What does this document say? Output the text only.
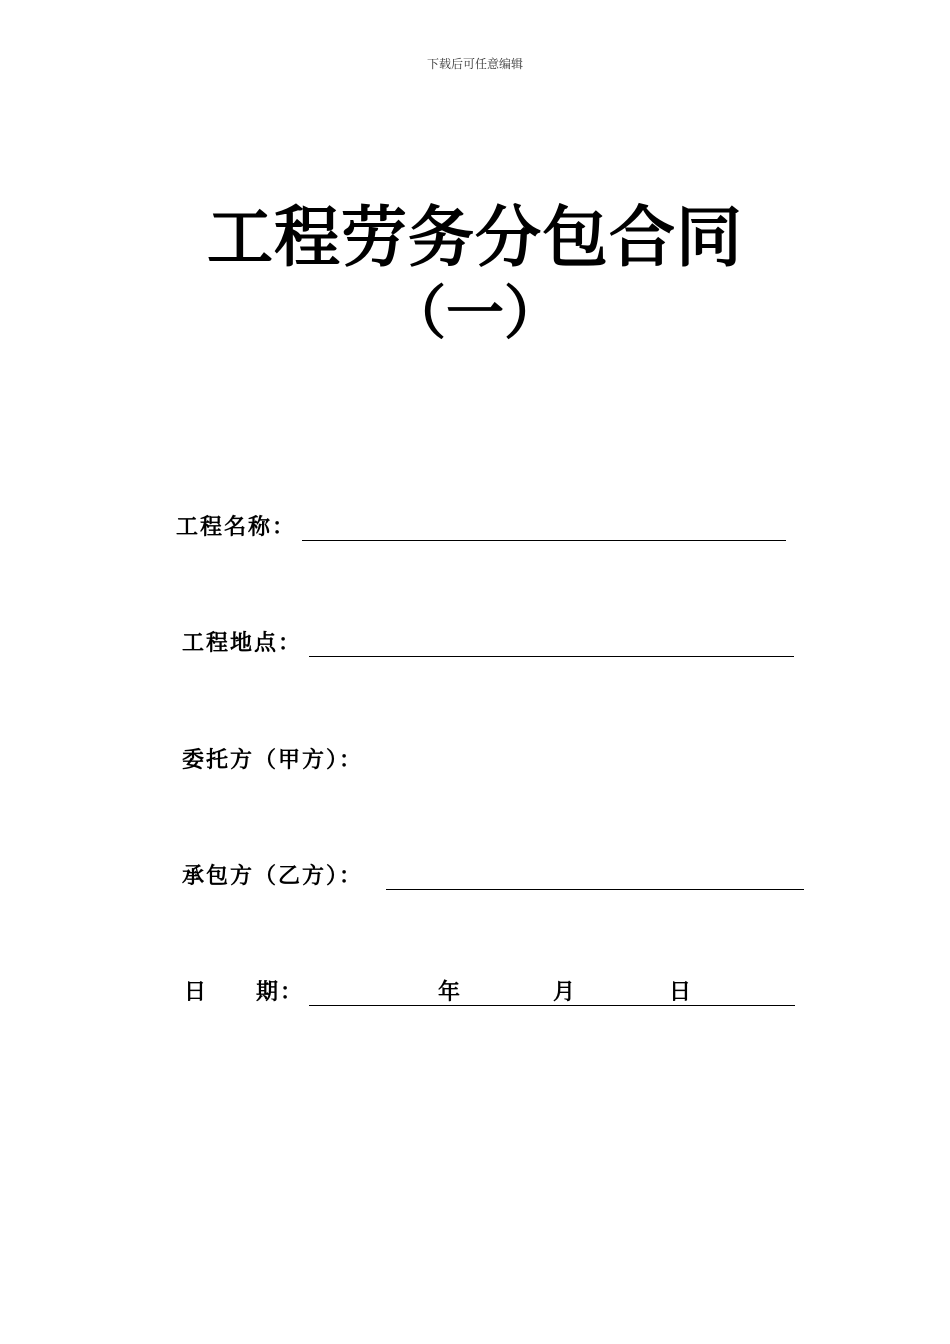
下载后可任意编辑
工程劳务分包合同
（一）
工程名称：
工程地点：
委托方（甲方）：
承包方（乙方）：
日　　期：	年	月	日
